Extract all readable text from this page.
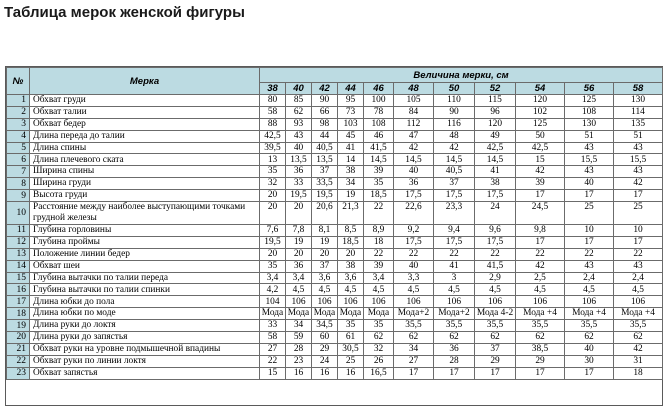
Таблица мерок женской фигуры
№	Мерка	Величина мерки, см										
		38	40	42	44	46	48	50	52	54	56	58
1	Обхват груди	80	85	90	95	100	105	110	115	120	125	130
2	Обхват талии	58	62	66	73	78	84	90	96	102	108	114
3	Обхват бедер	88	93	98	103	108	112	116	120	125	130	135
4	Длина переда до талии	42,5	43	44	45	46	47	48	49	50	51	51
5	Длина спины	39,5	40	40,5	41	41,5	42	42	42,5	42,5	43	43
6	Длина плечевого ската	13	13,5	13,5	14	14,5	14,5	14,5	14,5	15	15,5	15,5
7	Ширина спины	35	36	37	38	39	40	40,5	41	42	43	43
8	Ширина груди	32	33	33,5	34	35	36	37	38	39	40	42
9	Высота груди	20	19,5	19,5	19	18,5	17,5	17,5	17,5	17	17	17
10	Расстояние между наиболее выступающими точками грудной железы	20	20	20,6	21,3	22	22,6	23,3	24	24,5	25	25
11	Глубина горловины	7,6	7,8	8,1	8,5	8,9	9,2	9,4	9,6	9,8	10	10
12	Глубина проймы	19,5	19	19	18,5	18	17,5	17,5	17,5	17	17	17
13	Положение линии бедер	20	20	20	20	22	22	22	22	22	22	22
14	Обхват шеи	35	36	37	38	39	40	41	41,5	42	43	43
15	Глубина вытачки по талии переда	3,4	3,4	3,6	3,6	3,4	3,3	3	2,9	2,5	2,4	2,4
16	Глубина вытачки по талии спинки	4,2	4,5	4,5	4,5	4,5	4,5	4,5	4,5	4,5	4,5	4,5
17	Длина юбки до пола	104	106	106	106	106	106	106	106	106	106	106
18	Длина юбки по моде	Мода	Мода	Мода	Мода	Мода	Мода+2	Мода+2	Мода 4-2	Мода +4	Мода +4	Мода +4
19	Длина руки до локтя	33	34	34,5	35	35	35,5	35,5	35,5	35,5	35,5	35,5
20	Длина руки до запястья	58	59	60	61	62	62	62	62	62	62	62
21	Обхват руки на уровне подмышечной впадины	27	28	29	30,5	32	34	36	37	38,5	40	42
22	Обхват руки по линии локтя	22	23	24	25	26	27	28	29	29	30	31
23	Обхват запястья	15	16	16	16	16,5	17	17	17	17	17	18
